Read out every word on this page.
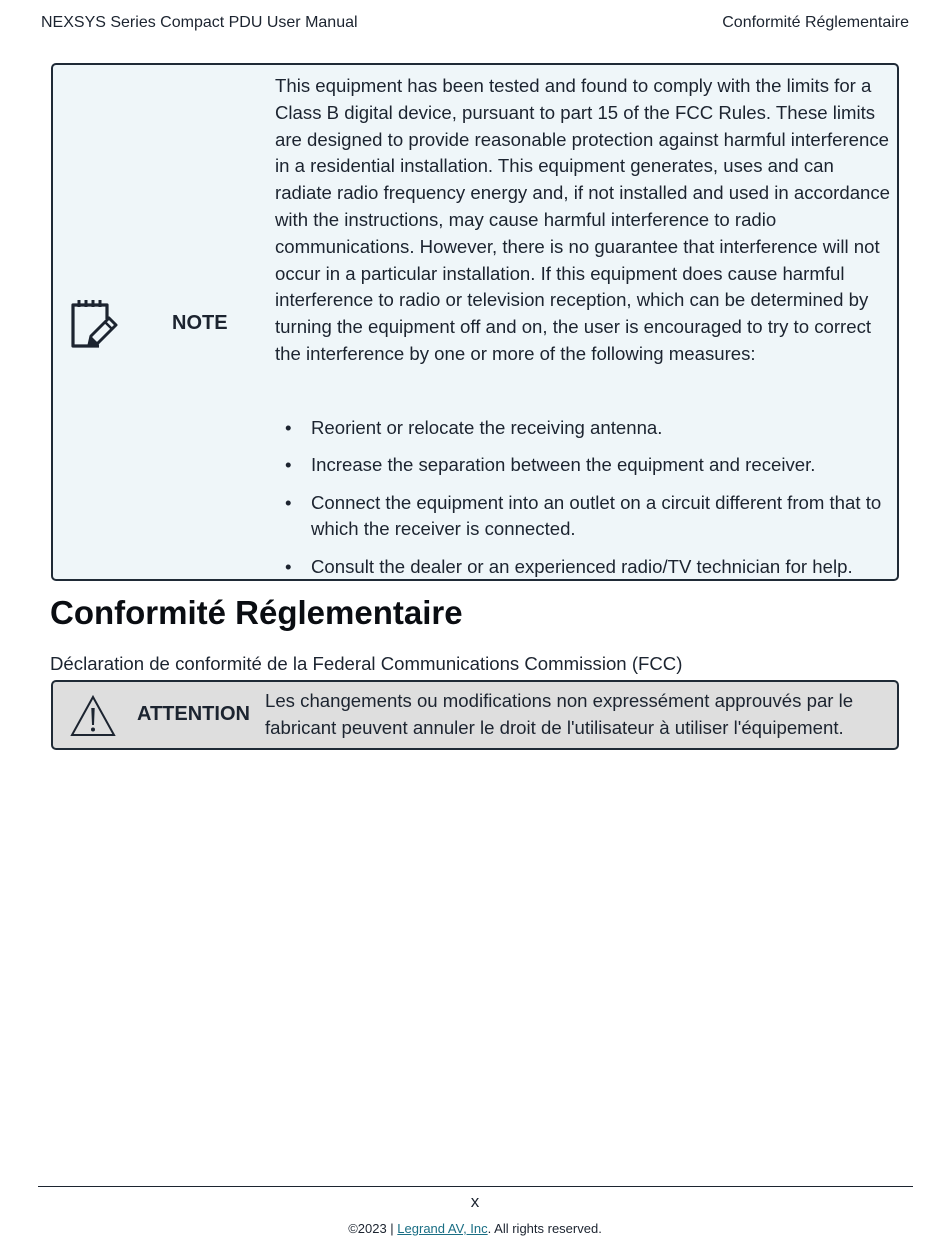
NEXSYS Series Compact PDU User Manual	Conformité Réglementaire
NOTE
This equipment has been tested and found to comply with the limits for a Class B digital device, pursuant to part 15 of the FCC Rules. These limits are designed to provide reasonable protection against harmful interference in a residential installation. This equipment generates, uses and can radiate radio frequency energy and, if not installed and used in accordance with the instructions, may cause harmful interference to radio communications. However, there is no guarantee that interference will not occur in a particular installation. If this equipment does cause harmful interference to radio or television reception, which can be determined by turning the equipment off and on, the user is encouraged to try to correct the interference by one or more of the following measures:
• Reorient or relocate the receiving antenna.
• Increase the separation between the equipment and receiver.
• Connect the equipment into an outlet on a circuit different from that to which the receiver is connected.
• Consult the dealer or an experienced radio/TV technician for help.
Conformité Réglementaire
Déclaration de conformité de la Federal Communications Commission (FCC)
ATTENTION
Les changements ou modifications non expressément approuvés par le fabricant peuvent annuler le droit de l'utilisateur à utiliser l'équipement.
x
©2023 | Legrand AV, Inc. All rights reserved.
